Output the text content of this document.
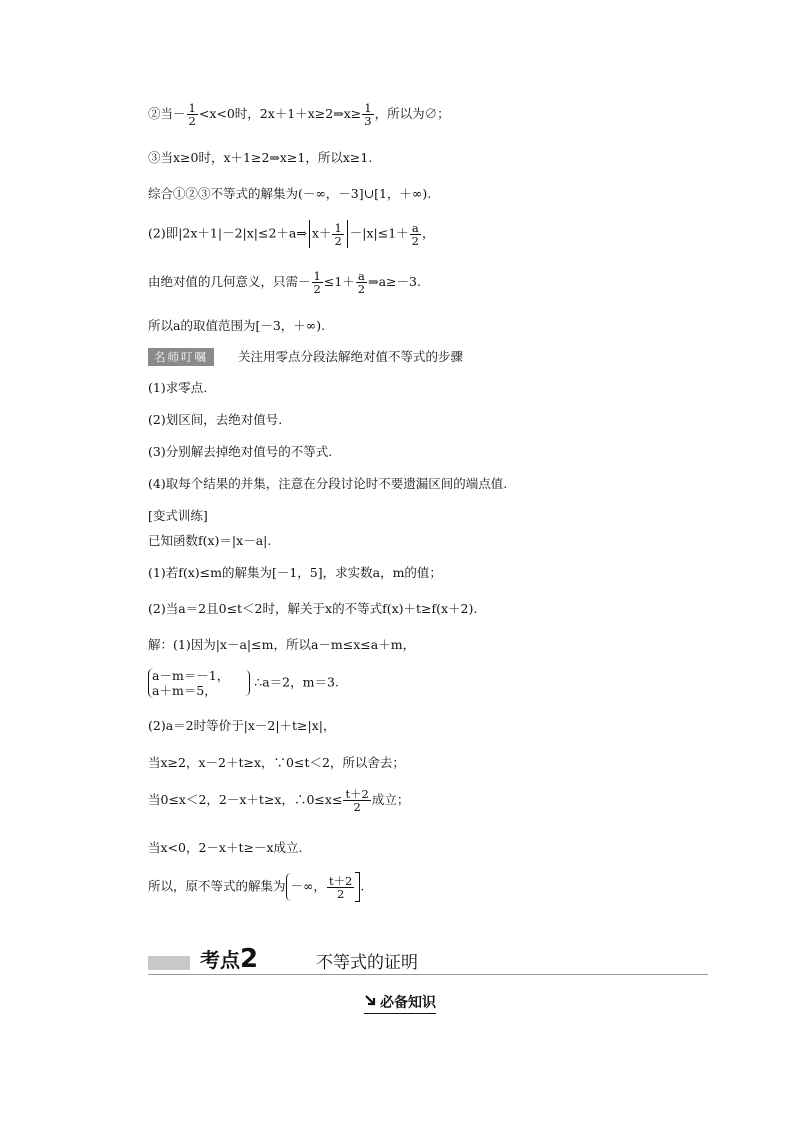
②当－ $\frac{1}{2} <x<0$时，2x＋1＋x≥2⇒x≥ $\frac{1}{3}$ ，所以为∅；
③当x≥0时，x＋1≥2⇒x≥1，所以x≥1.
综合①②③不等式的解集为(－∞，－3]∪[1，＋∞).
(2)即|2x＋1|－2|x|≤2＋a⇒ $x+ \frac{1}{2} -|x|\le 1+ \frac{a}{2}$ ，
由绝对值的几何意义，只需－ $\frac{1}{2} \le 1+ \frac{a}{2}$ ⇒a≥－3.
所以a的取值范围为[－3，＋∞).
名师叮嘱 关注用零点分段法解绝对值不等式的步骤
(1)求零点.
(2)划区间，去绝对值号.
(3)分别解去掉绝对值号的不等式.
(4)取每个结果的并集，注意在分段讨论时不要遗漏区间的端点值.
[变式训练]
已知函数f(x)＝|x－a|.
(1)若f(x)≤m的解集为[－1，5]，求实数a，m的值；
(2)当a＝2且0≤t＜2时，解关于x的不等式f(x)＋t≥f(x＋2).
解：(1)因为|x－a|≤m，所以a－m≤x≤a＋m，
a－m＝－1，
a＋m＝5，
∴a＝2，m＝3.
(2)a＝2时等价于|x－2|＋t≥|x|，
当x≥2，x－2＋t≥x，∵0≤t＜2，所以舍去；
当0≤x＜2，2－x＋t≥x，∴0≤x≤ $\frac{t+2}{2}$ 成立；
当x<0，2－x＋t≥－x成立.
所以，原不等式的解集为 －∞， $\frac{t+2}{2}$ .
考点2	不等式的证明
必备知识
